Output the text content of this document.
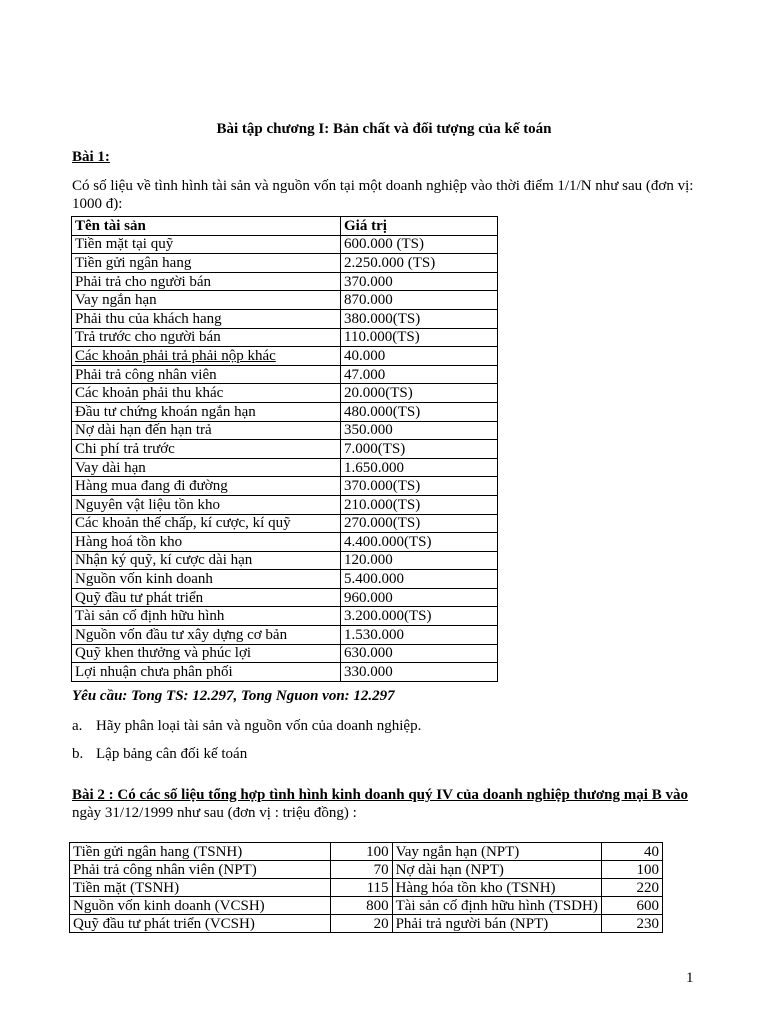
Bài tập chương I: Bản chất và đối tượng của kế toán
Bài 1:
Có số liệu về tình hình tài sản và nguồn vốn tại một doanh nghiệp vào thời điểm 1/1/N như sau (đơn vị: 1000 đ):
Tên tài sản	Giá trị
Tiền mặt tại quỹ	600.000 (TS)
Tiền gửi ngân hang	2.250.000 (TS)
Phải trả cho người bán	370.000
Vay ngắn hạn	870.000
Phải thu của khách hang	380.000(TS)
Trả trước cho người bán	110.000(TS)
Các khoản phải trả phải nộp khác	40.000
Phải trả công nhân viên	47.000
Các khoản phải thu khác	20.000(TS)
Đầu tư chứng khoán ngắn hạn	480.000(TS)
Nợ dài hạn đến hạn trả	350.000
Chi phí trả trước	7.000(TS)
Vay dài hạn	1.650.000
Hàng mua đang đi đường	370.000(TS)
Nguyên vật liệu tồn kho	210.000(TS)
Các khoản thế chấp, kí cược, kí quỹ	270.000(TS)
Hàng hoá tồn kho	4.400.000(TS)
Nhận ký quỹ, kí cược dài hạn	120.000
Nguồn vốn kinh doanh	5.400.000
Quỹ đầu tư phát triển	960.000
Tài sản cố định hữu hình	3.200.000(TS)
Nguồn vốn đầu tư xây dựng cơ bản	1.530.000
Quỹ khen thưởng và phúc lợi	630.000
Lợi nhuận chưa phân phối	330.000
Yêu cầu: Tong TS: 12.297, Tong Nguon von: 12.297
a. Hãy phân loại tài sản và nguồn vốn của doanh nghiệp.
b. Lập bảng cân đối kế toán
Bài 2 : Có các số liệu tổng hợp tình hình kinh doanh quý IV của doanh nghiệp thương mại B vào ngày 31/12/1999 như sau (đơn vị : triệu đồng) :
Tiền gửi ngân hang (TSNH)	100	Vay ngắn hạn (NPT)	40
Phải trả công nhân viên (NPT)	70	Nợ dài hạn (NPT)	100
Tiền mặt (TSNH)	115	Hàng hóa tồn kho (TSNH)	220
Nguồn vốn kinh doanh (VCSH)	800	Tài sản cố định hữu hình (TSDH)	600
Quỹ đầu tư phát triển (VCSH)	20	Phải trả người bán (NPT)	230
1
